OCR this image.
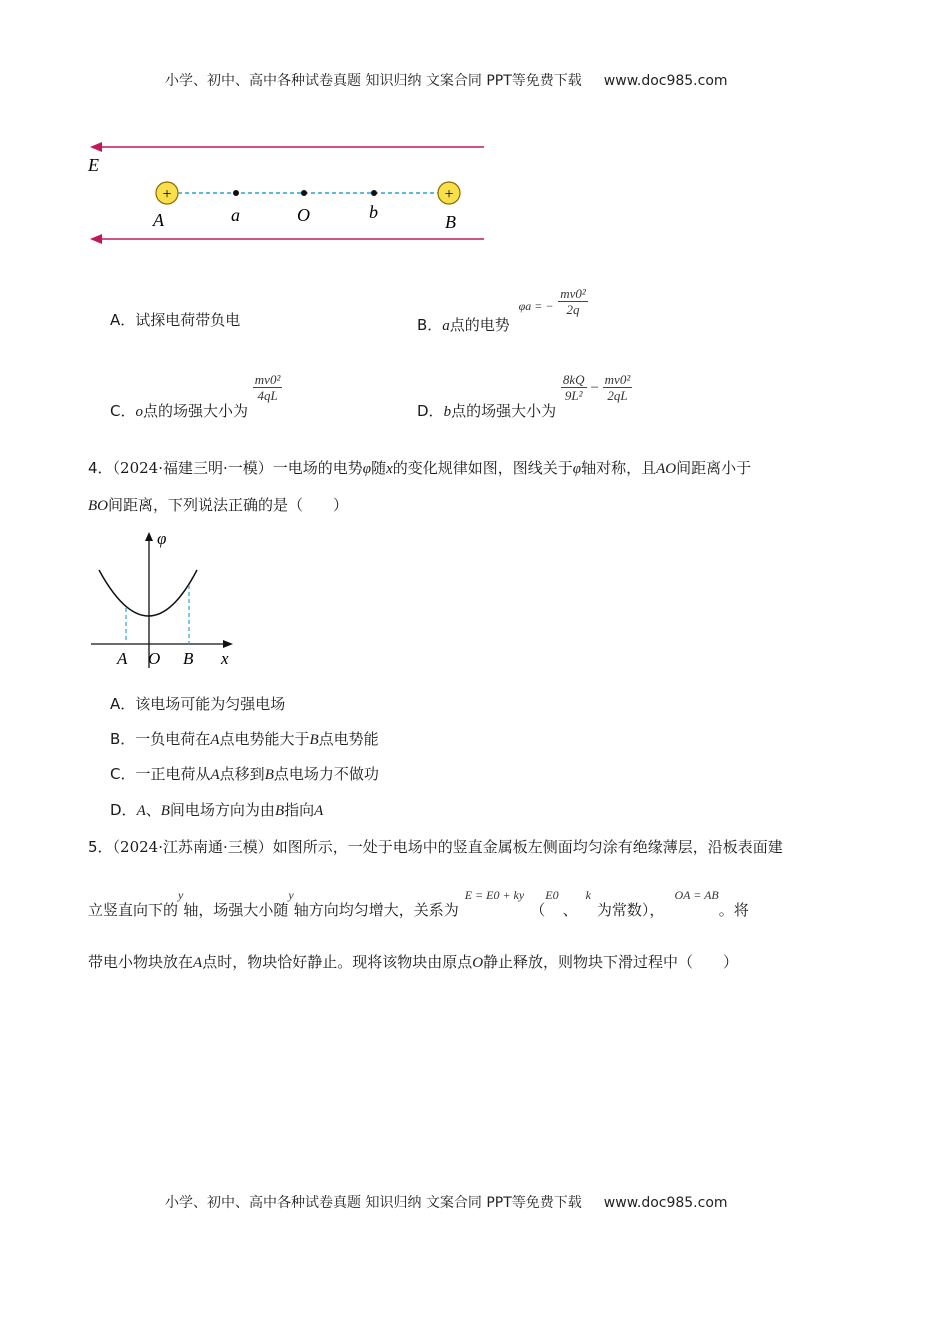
小学、初中、高中各种试卷真题 知识归纳 文案合同 PPT等免费下载 www.doc985.com
E
+	+
A	a	O	b	B
A．试探电荷带负电	B．a点的电势 φa = − $\frac{\text{mv0²}}{2q}$
C．o点的场强大小为
$\frac{\text{mv0²}}{4qL}$
D．b点的场强大小为
$\frac{8kQ}{\text{9L²}} - \frac{\text{mv0²}}{2qL}$
4．（2024·福建三明·一模）一电场的电势φ随x的变化规律如图，图线关于φ轴对称，且AO间距离小于
BO间距离，下列说法正确的是（　　）
φ
x
A O B
A．该电场可能为匀强电场
B．一负电荷在A点电势能大于B点电势能
C．一正电荷从A点移到B点电场力不做功
D．A、B间电场方向为由B指向A
5．（2024·江苏南通·三模）如图所示，一处于电场中的竖直金属板左侧面均匀涂有绝缘薄层，沿板表面建
立竖直向下的y轴，场强大小随y轴方向均匀增大，关系为E = E0 + ky（E0、k为常数），OA = AB。将
带电小物块放在A点时，物块恰好静止。现将该物块由原点O静止释放，则物块下滑过程中（　　）
小学、初中、高中各种试卷真题 知识归纳 文案合同 PPT等免费下载 www.doc985.com
